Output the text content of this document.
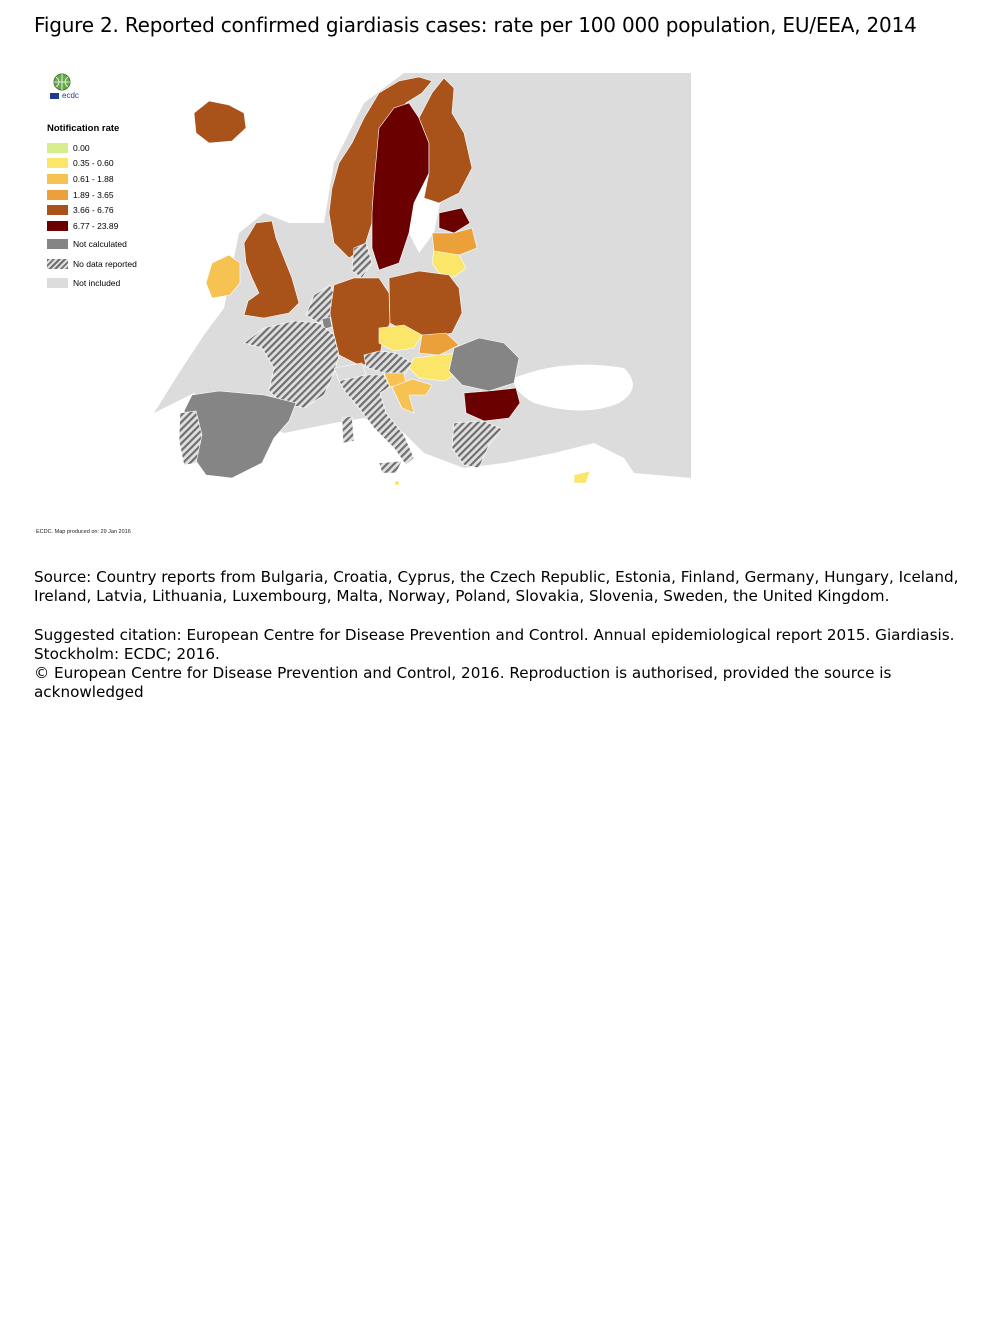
Figure 2. Reported confirmed giardiasis cases: rate per 100 000 population, EU/EEA, 2014
ecdc
Notification rate
0.00
0.35 - 0.60
0.61 - 1.88
1.89 - 3.65
3.66 - 6.76
6.77 - 23.89
Not calculated
No data reported
Not included
ECDC. Map produced on: 29 Jan 2016
Source: Country reports from Bulgaria, Croatia, Cyprus, the Czech Republic, Estonia, Finland, Germany, Hungary, Iceland, Ireland, Latvia, Lithuania, Luxembourg, Malta, Norway, Poland, Slovakia, Slovenia, Sweden, the United Kingdom.
Suggested citation: European Centre for Disease Prevention and Control. Annual epidemiological report 2015. Giardiasis.
Stockholm: ECDC; 2016.
© European Centre for Disease Prevention and Control, 2016. Reproduction is authorised, provided the source is acknowledged
